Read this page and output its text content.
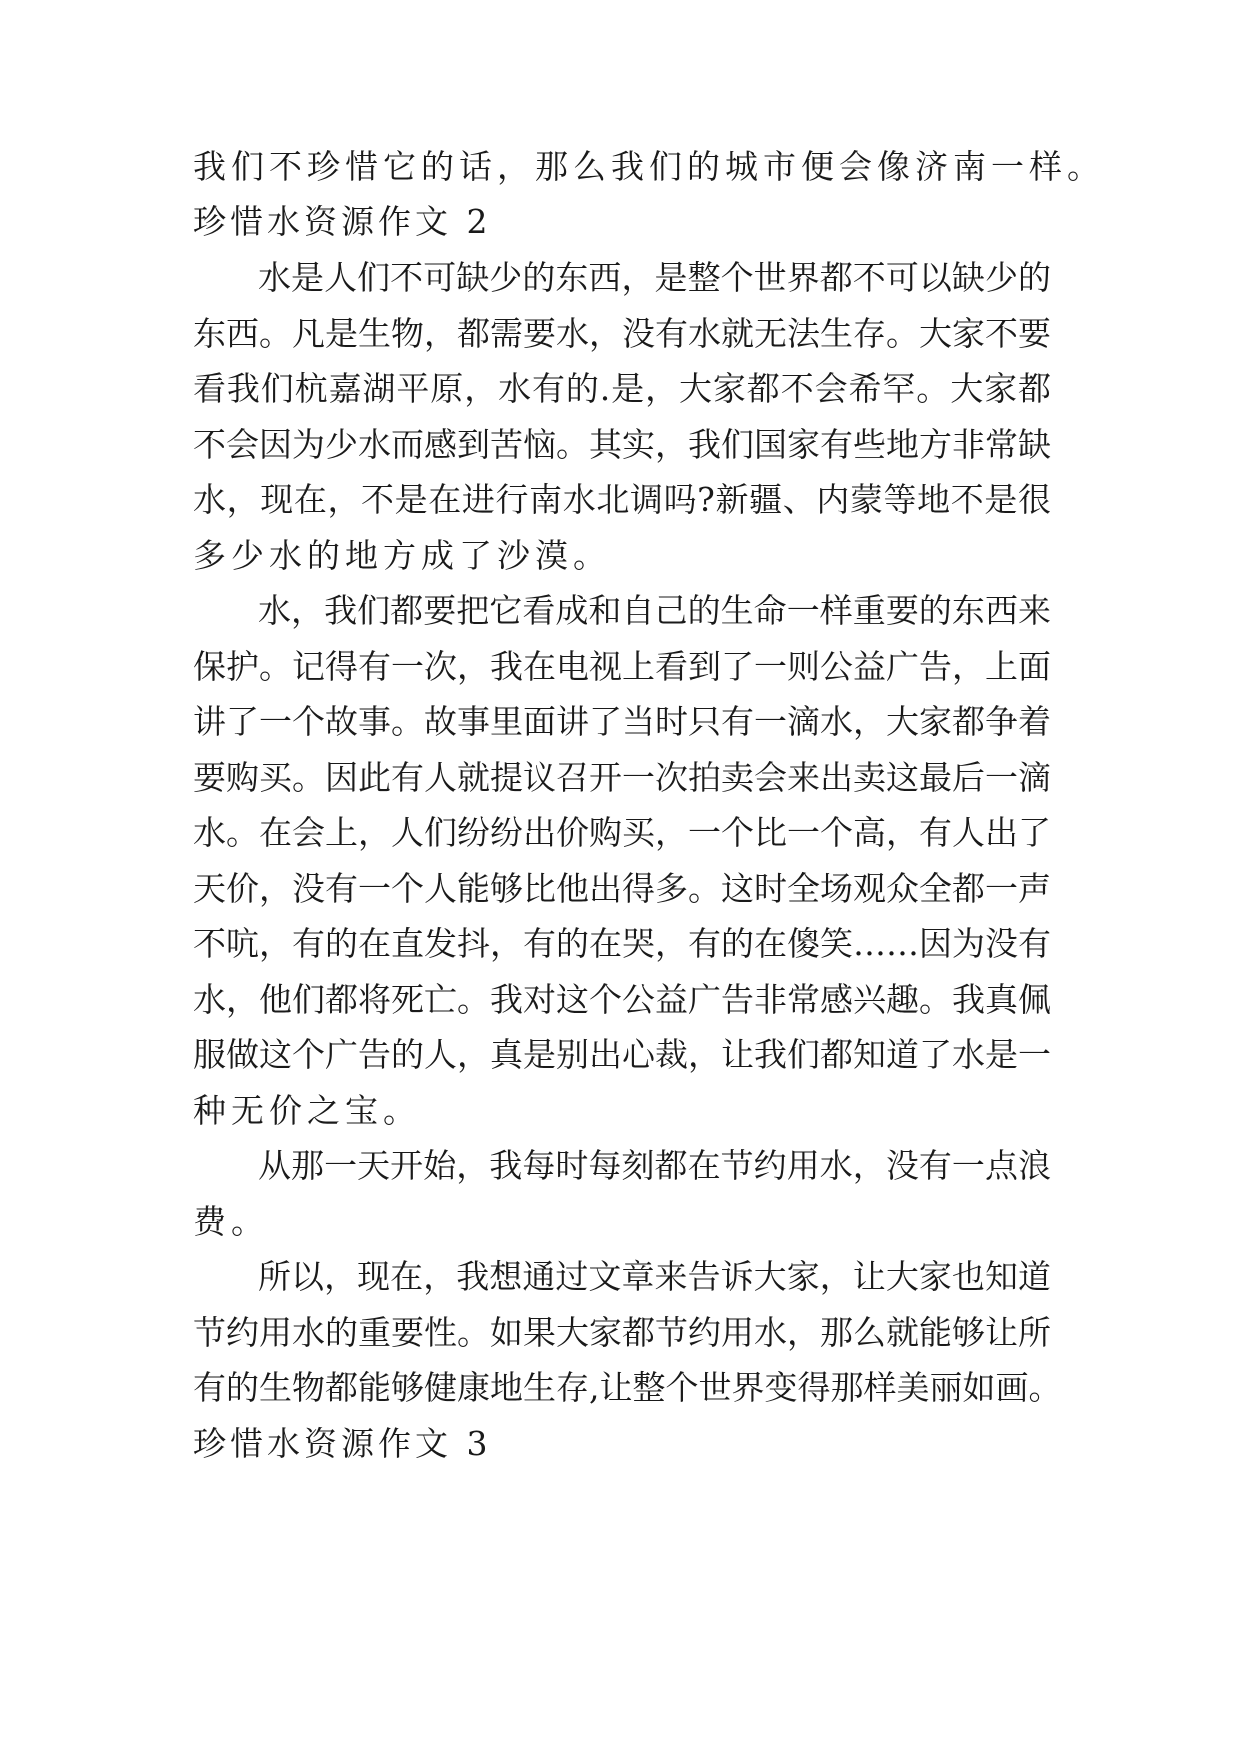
我们不珍惜它的话，那么我们的城市便会像济南一样。
珍惜水资源作文 2
水是人们不可缺少的东西，是整个世界都不可以缺少的
东西。凡是生物，都需要水，没有水就无法生存。大家不要
看我们杭嘉湖平原，水有的.是，大家都不会希罕。大家都
不会因为少水而感到苦恼。其实，我们国家有些地方非常缺
水，现在，不是在进行南水北调吗?新疆、内蒙等地不是很
多少水的地方成了沙漠。
水，我们都要把它看成和自己的生命一样重要的东西来
保护。记得有一次，我在电视上看到了一则公益广告，上面
讲了一个故事。故事里面讲了当时只有一滴水，大家都争着
要购买。因此有人就提议召开一次拍卖会来出卖这最后一滴
水。在会上，人们纷纷出价购买，一个比一个高，有人出了
天价，没有一个人能够比他出得多。这时全场观众全都一声
不吭，有的在直发抖，有的在哭，有的在傻笑……因为没有
水，他们都将死亡。我对这个公益广告非常感兴趣。我真佩
服做这个广告的人，真是别出心裁，让我们都知道了水是一
种无价之宝。
从那一天开始，我每时每刻都在节约用水，没有一点浪
费。
所以，现在，我想通过文章来告诉大家，让大家也知道
节约用水的重要性。如果大家都节约用水，那么就能够让所
有的生物都能够健康地生存,让整个世界变得那样美丽如画。
珍惜水资源作文 3
